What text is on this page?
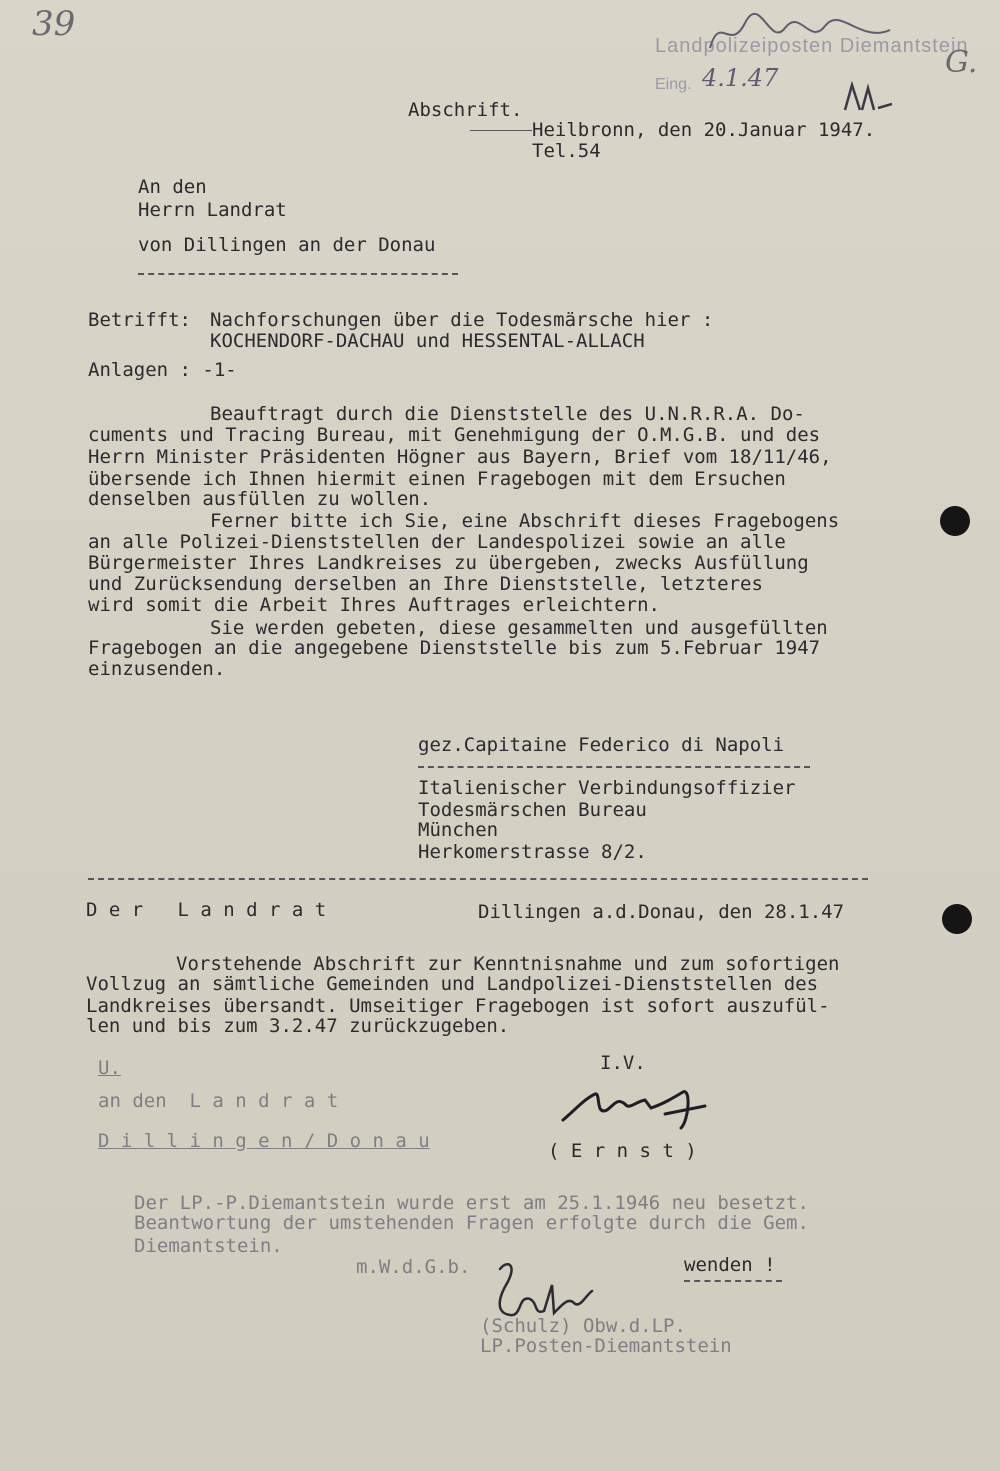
39
Landpolizeiposten Diemantstein
Eing. 4.1.47	G.
Abschrift.
Heilbronn, den 20.Januar 1947.
Tel.54
An den
Herrn Landrat
von Dillingen an der Donau
Betrifft: Nachforschungen über die Todesmärsche hier :
KOCHENDORF-DACHAU und HESSENTAL-ALLACH
Anlagen : -1-
Beauftragt durch die Dienststelle des U.N.R.R.A. Do-
cuments und Tracing Bureau, mit Genehmigung der O.M.G.B. und des
Herrn Minister Präsidenten Högner aus Bayern, Brief vom 18/11/46,
übersende ich Ihnen hiermit einen Fragebogen mit dem Ersuchen
denselben ausfüllen zu wollen.
Ferner bitte ich Sie, eine Abschrift dieses Fragebogens
an alle Polizei-Dienststellen der Landespolizei sowie an alle
Bürgermeister Ihres Landkreises zu übergeben, zwecks Ausfüllung
und Zurücksendung derselben an Ihre Dienststelle, letzteres
wird somit die Arbeit Ihres Auftrages erleichtern.
Sie werden gebeten, diese gesammelten und ausgefüllten
Fragebogen an die angegebene Dienststelle bis zum 5.Februar 1947
einzusenden.
gez.Capitaine Federico di Napoli
Italienischer Verbindungsoffizier
Todesmärschen Bureau
München
Herkomerstrasse 8/2.
D e r   L a n d r a t	Dillingen a.d.Donau, den 28.1.47
Vorstehende Abschrift zur Kenntnisnahme und zum sofortigen
Vollzug an sämtliche Gemeinden und Landpolizei-Dienststellen des
Landkreises übersandt. Umseitiger Fragebogen ist sofort auszufül-
len und bis zum 3.2.47 zurückzugeben.
I.V.
( E r n s t )
U.
an den  L a n d r a t
D i l l i n g e n / D o n a u
Der LP.-P.Diemantstein wurde erst am 25.1.1946 neu besetzt.
Beantwortung der umstehenden Fragen erfolgte durch die Gem.
Diemantstein.
m.W.d.G.b.	wenden !
(Schulz) Obw.d.LP.
LP.Posten-Diemantstein
